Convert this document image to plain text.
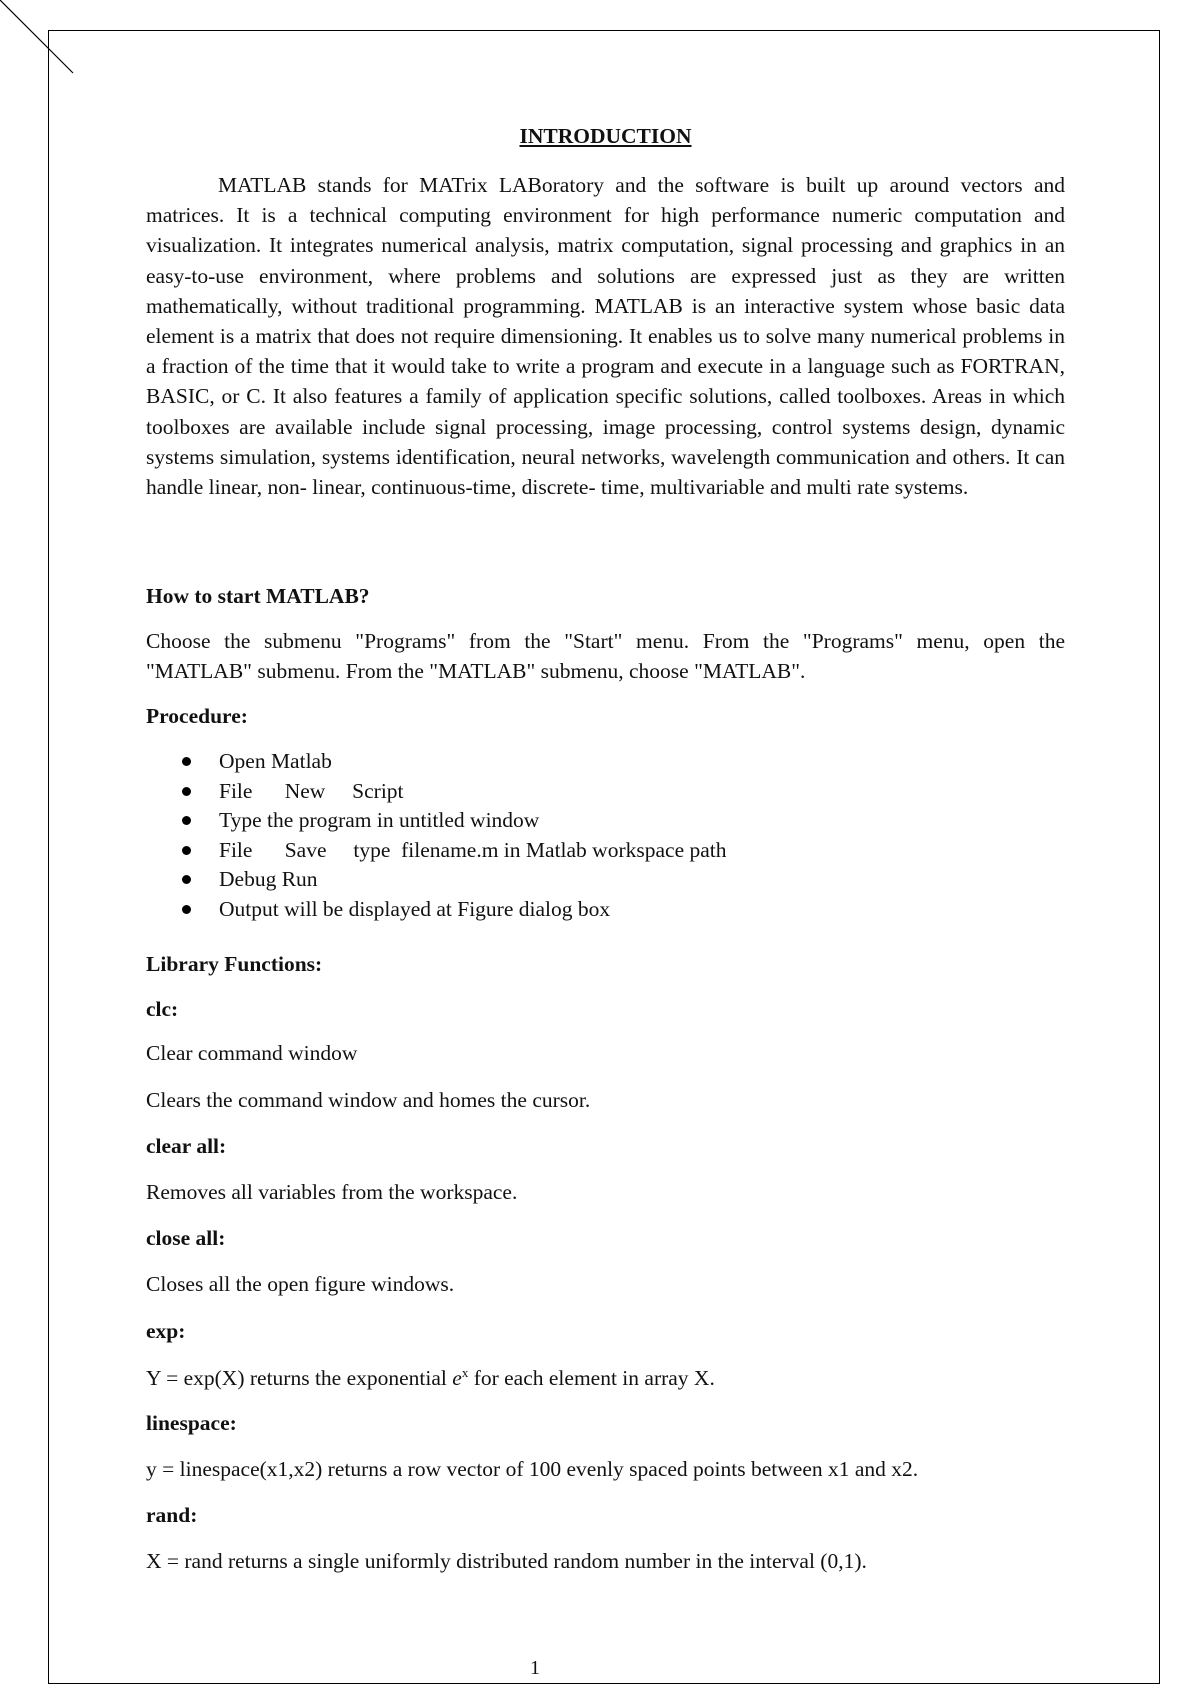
INTRODUCTION

MATLAB stands for MATrix LABoratory and the software is built up around vectors and matrices. It is a technical computing environment for high performance numeric computation and visualization. It integrates numerical analysis, matrix computation, signal processing and graphics in an easy-to-use environment, where problems and solutions are expressed just as they are written mathematically, without traditional programming. MATLAB is an interactive system whose basic data element is a matrix that does not require dimensioning. It enables us to solve many numerical problems in a fraction of the time that it would take to write a program and execute in a language such as FORTRAN, BASIC, or C. It also features a family of application specific solutions, called toolboxes. Areas in which toolboxes are available include signal processing, image processing, control systems design, dynamic systems simulation, systems identification, neural networks, wavelength communication and others. It can handle linear, non- linear, continuous-time, discrete- time, multivariable and multi rate systems.

How to start MATLAB?

Choose the submenu "Programs" from the "Start" menu. From the "Programs" menu, open the "MATLAB" submenu. From the "MATLAB" submenu, choose "MATLAB".

Procedure:
Open Matlab
File      New     Script
Type the program in untitled window
File      Save     type  filename.m in Matlab workspace path
Debug Run
Output will be displayed at Figure dialog box
Library Functions:
clc:
Clear command window
Clears the command window and homes the cursor.
clear all:
Removes all variables from the workspace.
close all:
Closes all the open figure windows.
exp:
Y = exp(X) returns the exponential $e^x$ for each element in array X.
linespace:
y = linespace(x1,x2) returns a row vector of 100 evenly spaced points between x1 and x2.
rand:
X = rand returns a single uniformly distributed random number in the interval (0,1).
1
